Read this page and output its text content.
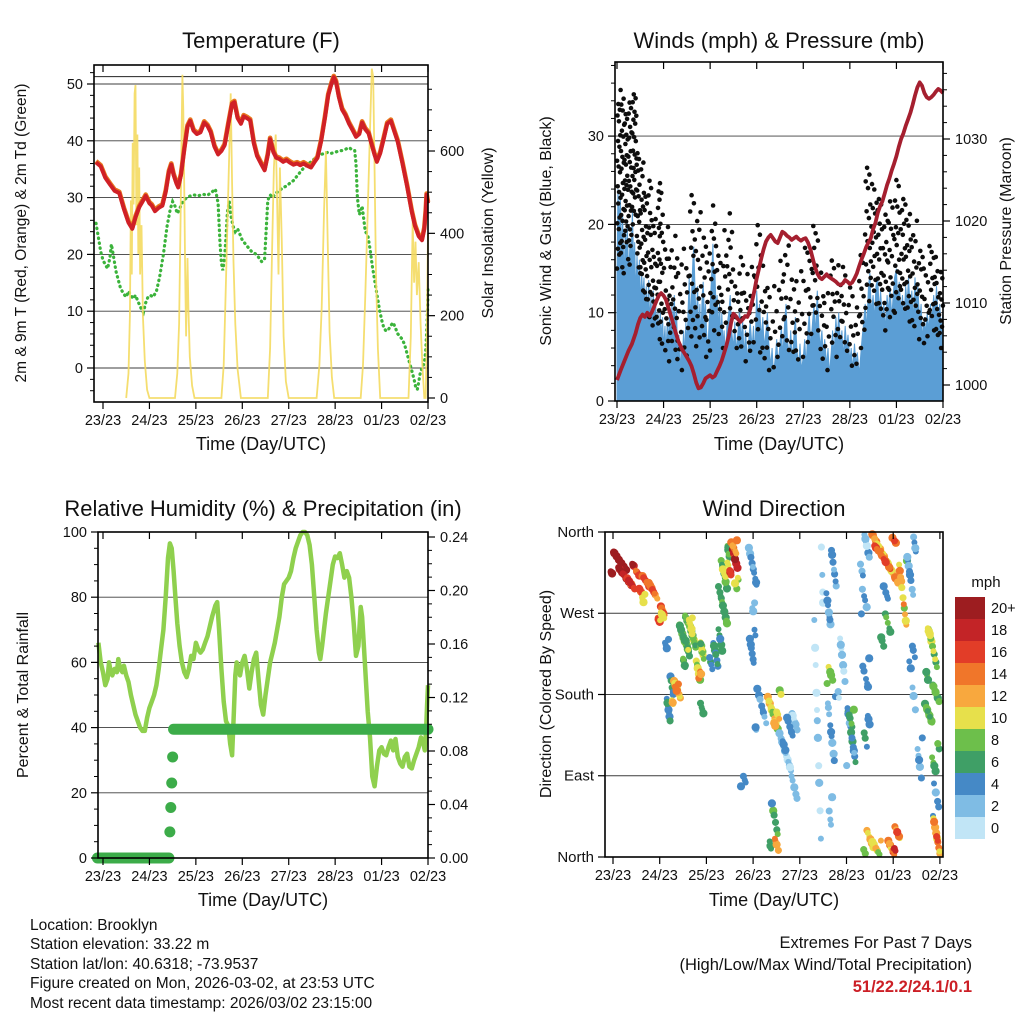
23/23 24/23 25/23 26/23 27/23 28/23 01/23 02/23
0
10
20
30
40
50
0
200
400
600
23/23 24/23 25/23 26/23 27/23 28/23 01/23 02/23
0
10
20
30
1000
1010
1020
1030
23/23 24/23 25/23 26/23 27/23 28/23 01/23 02/23
0
20
40
60
80
100
0.00
0.04
0.08
0.12
0.16
0.20
0.24
23/23 24/23 25/23 26/23 27/23 28/23 01/23 02/23
North
West
South
East
North
20+
18
16
14
12
10
8
6
4
2
0
Temperature (F)	Winds (mph) & Pressure (mb)
Relative Humidity (%) & Precipitation (in)	Wind Direction
Time (Day/UTC)	Time (Day/UTC)
Time (Day/UTC)	Time (Day/UTC)
2m & 9m T (Red, Orange) & 2m Td (Green)	Solar Insolation (Yellow)	Sonic Wind & Gust (Blue, Black)	Station Pressure (Maroon)
Percent & Total Rainfall	Direction (Colored By Speed)
mph
Location: Brooklyn
Station elevation: 33.22 m
Station lat/lon: 40.6318; -73.9537
Figure created on Mon, 2026-03-02, at 23:53 UTC
Most recent data timestamp: 2026/03/02 23:15:00
Extremes For Past 7 Days
(High/Low/Max Wind/Total Precipitation)
51/22.2/24.1/0.1
